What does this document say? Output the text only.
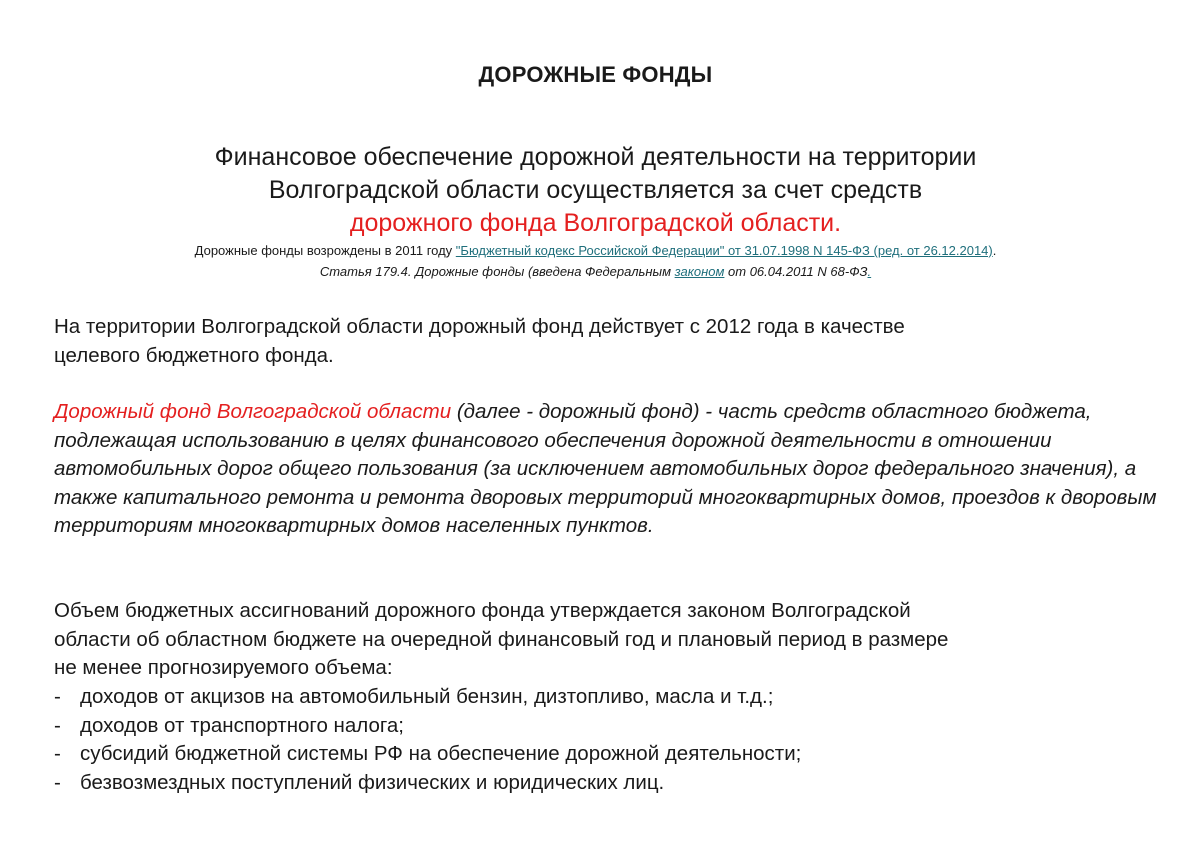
ДОРОЖНЫЕ ФОНДЫ
Финансовое обеспечение дорожной деятельности на территории
Волгоградской области осуществляется за счет средств
дорожного фонда Волгоградской области.
Дорожные фонды возрождены в 2011 году "Бюджетный кодекс Российской Федерации" от 31.07.1998 N 145-ФЗ (ред. от 26.12.2014).
Статья 179.4. Дорожные фонды (введена Федеральным законом от 06.04.2011 N 68-ФЗ.
На территории Волгоградской области дорожный фонд действует с 2012 года в качестве
целевого бюджетного фонда.
Дорожный фонд Волгоградской области (далее - дорожный фонд) - часть средств областного бюджета, подлежащая использованию в целях финансового обеспечения дорожной деятельности в отношении автомобильных дорог общего пользования (за исключением автомобильных дорог федерального значения), а также капитального ремонта и ремонта дворовых территорий многоквартирных домов, проездов к дворовым территориям многоквартирных домов населенных пунктов.
Объем бюджетных ассигнований дорожного фонда утверждается законом Волгоградской
области об областном бюджете на очередной финансовый год и плановый период в размере
не менее прогнозируемого объема:
- доходов от акцизов на автомобильный бензин, дизтопливо, масла и т.д.;
- доходов от транспортного налога;
- субсидий бюджетной системы РФ на обеспечение дорожной деятельности;
- безвозмездных поступлений физических и юридических лиц.
